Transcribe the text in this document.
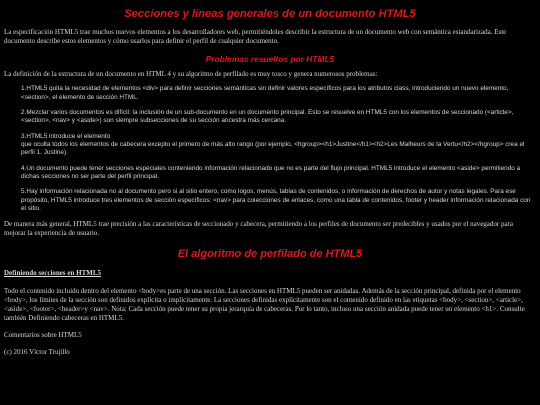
Secciones y líneas generales de un documento HTML5

La especificación HTML5 trae muchos nuevos elementos a los desarrolladores web, permitiéndoles describir la estructura de un documento web con semántica estandarizada. Este documento describe estos elementos y cómo usarlos para definir el perfil de cualquier documento.

Problemas resueltos por HTML5

La definición de la estructura de un documento en HTML 4 y su algoritmo de perfilado es muy tosco y genera numerosos problemas:

1.HTML5 quita la necesidad de elementos <div> para definir secciones semánticas sin definir valores específicos para los atributos class, introduciendo un nuevo elemento, <section>, el elemento de sección HTML.
2.Mezclar varios documentos es difícil: la inclusión de un sub-documento en un documento principal. Esto se resuelve en HTML5 con los elementos de seccionado (<article>, <section>, <nav> y <aside>) son siempre subsecciones de su sección ancestra más cercana.
3.HTML5 introduce el elemento
que oculta todos los elementos de cabecera excepto el primero de más alto rango (por ejemplo, <hgroup><h1>Justine</h1><h2>Les Malheurs de la Vertu</h2></hgroup> crea el perfil 1. Justine).
4.Un documento puede tener secciones especiales conteniendo información relacionado que no es parte del flujo principal. HTML5 introduce el elemento <aside> permitiendo a dichas secciones no ser parte del perfil principal.
5.Hay información relacionada no al documento pero si al sitio entero, como logos, menús, tablas de contenidos, o información de derechos de autor y notas legales. Para ese propósito, HTML5 introduce tres elementos de sección específicos: <nav> para colecciones de enlaces, como una tabla de contenidos, footer y header información relacionada con el sitio.

De manera más general, HTML5 trae precisión a las características de seccionado y cabecera, permitiendo a los perfiles de documento ser predecibles y usados por el navegador para mejorar la experiencia de usuario.

El algoritmo de perfilado de HTML5
Definiendo secciones en HTML5

Todo el contenido incluido dentro del elemento <body>es parte de una sección. Las secciones en HTML5 pueden ser anidadas. Además de la sección principal, definida por el elemento <body>, los límites de la sección son definidos explícita o implícitamente. La secciones definidas explícitamente son el contenido definido en las etiquetas <body>, <section>, <article>, <aside>, <footer>, <header>y <nav>. Nota: Cada sección puede tener su propia jerarquía de cabeceras. Por lo tanto, incluso una sección anidada puede tener un elemento <h1>. Consulte también Definiendo cabeceras en HTML5.

Comentarios sobre HTML5

(c) 2016 Víctor Trujillo
